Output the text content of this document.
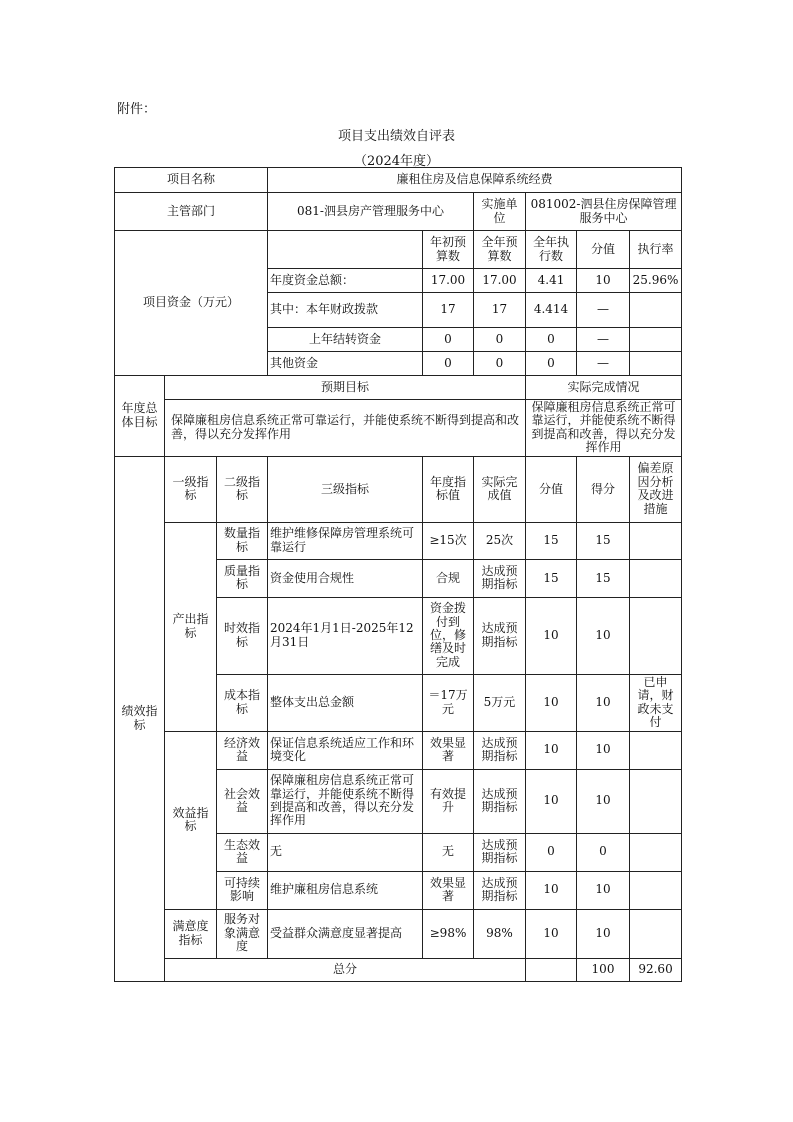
附件：
项目支出绩效自评表
（2024年度）
项目名称			廉租住房及信息保障系统经费						
主管部门			081-泗县房产管理服务中心		实施单位	081002-泗县住房保障管理服务中心			
项目资金（万元）				年初预算数	全年预算数	全年执行数	分值	执行率	
			年度资金总额：	17.00	17.00	4.41	10	25.96%	
			其中：本年财政拨款	17	17	4.414	—		
			上年结转资金	0	0	0	—		
			其他资金	0	0	0	—		
年度总体目标	预期目标					实际完成情况			
	保障廉租房信息系统正常可靠运行，并能使系统不断得到提高和改善，得以充分发挥作用					保障廉租房信息系统正常可靠运行，并能使系统不断得到提高和改善，得以充分发挥作用			
绩效指标	一级指标	二级指标	三级指标	年度指标值	实际完成值	分值	得分	偏差原因分析及改进措施	
	产出指标	数量指标	维护维修保障房管理系统可靠运行	≥15次	25次	15	15		
		质量指标	资金使用合规性	合规	达成预期指标	15	15		
		时效指标	2024年1月1日-2025年12月31日	资金拨付到位，修缮及时完成	达成预期指标	10	10		
		成本指标	整体支出总金额	＝17万元	5万元	10	10	已申请，财政未支付	
	效益指标	经济效益	保证信息系统适应工作和环境变化	效果显著	达成预期指标	10	10		
		社会效益	保障廉租房信息系统正常可靠运行，并能使系统不断得到提高和改善，得以充分发挥作用	有效提升	达成预期指标	10	10		
		生态效益	无	无	达成预期指标	0	0		
		可持续影响	维护廉租房信息系统	效果显著	达成预期指标	10	10		
	满意度指标	服务对象满意度	受益群众满意度显著提高	≥98%	98%	10	10		
	总分						100	92.60	
